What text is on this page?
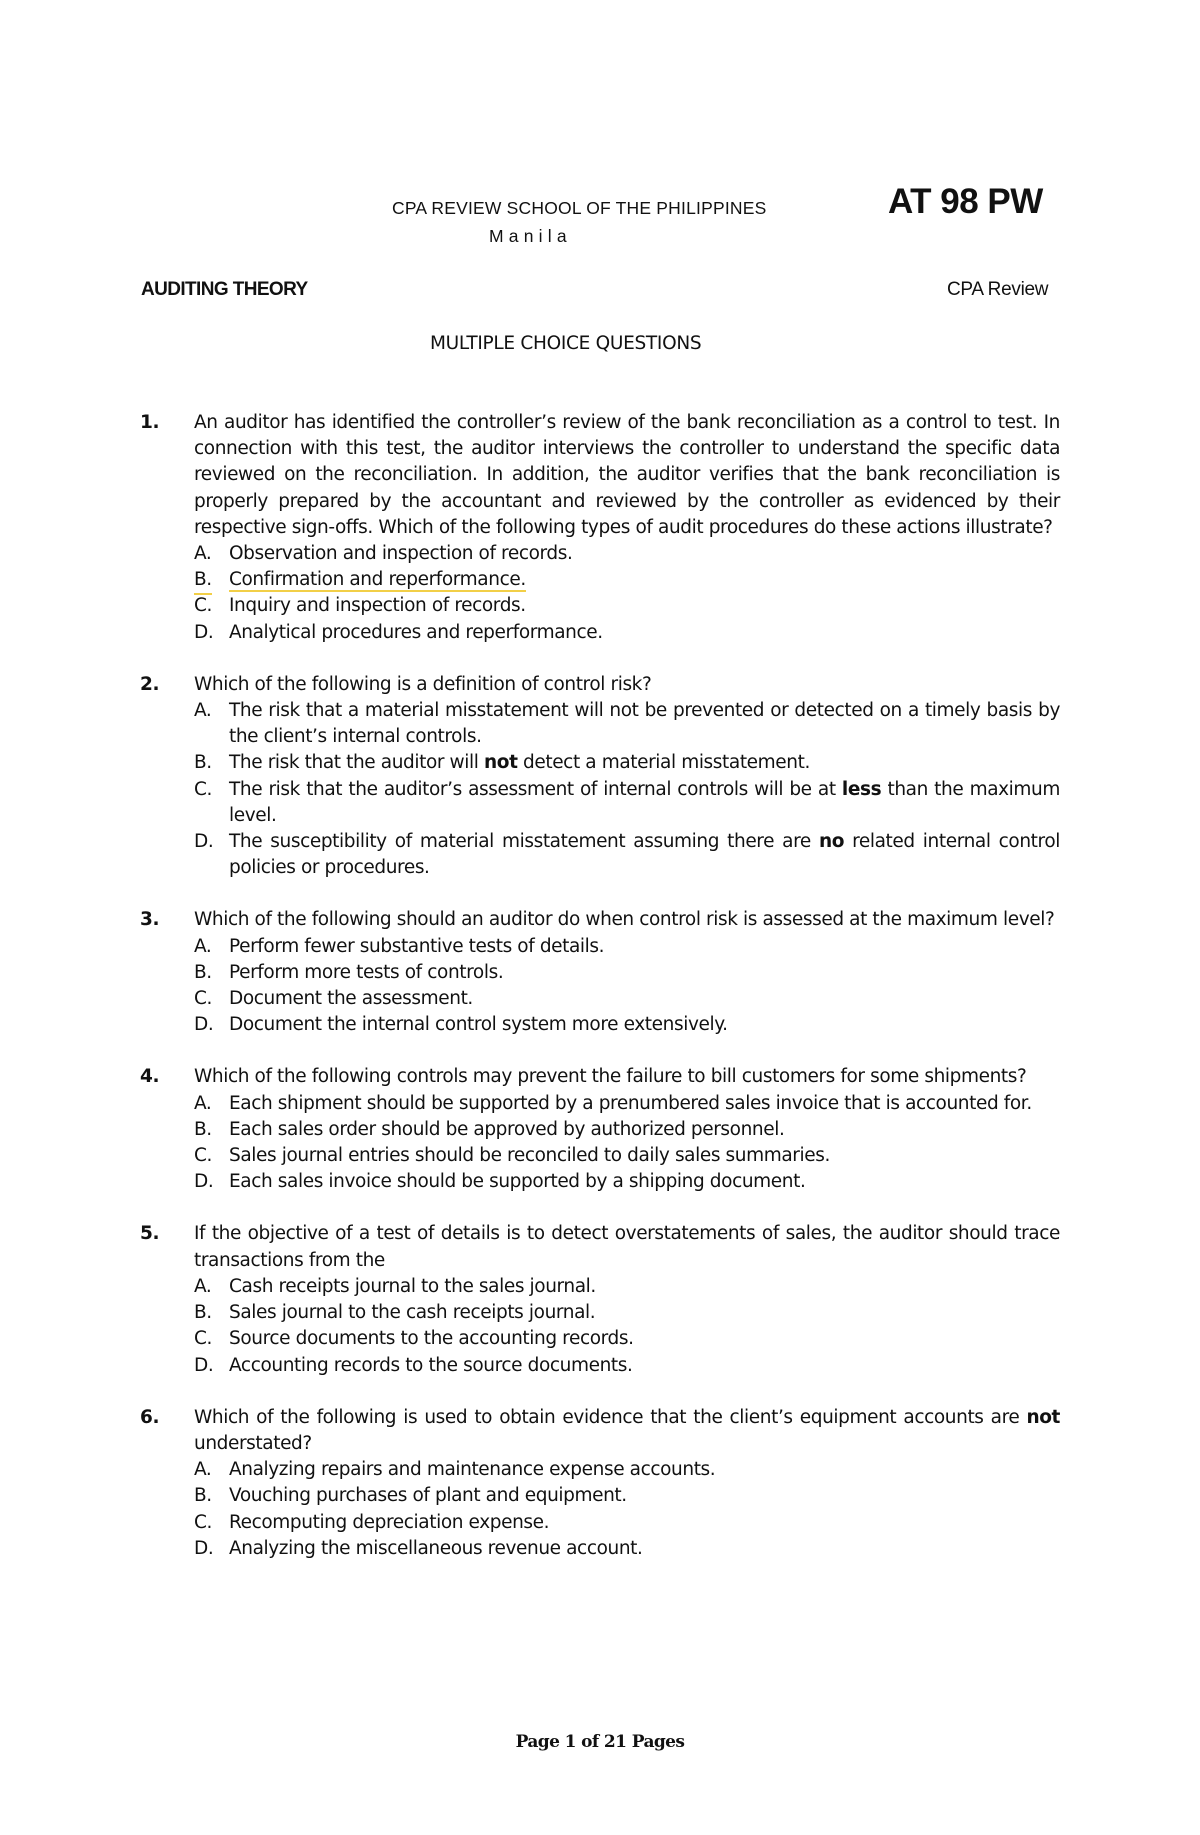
CPA REVIEW SCHOOL OF THE PHILIPPINES
Manila
AT 98 PW
AUDITING THEORY	CPA Review
MULTIPLE CHOICE QUESTIONS
1. An auditor has identified the controller’s review of the bank reconciliation as a control to test. In connection with this test, the auditor interviews the controller to understand the specific data reviewed on the reconciliation. In addition, the auditor verifies that the bank reconciliation is properly prepared by the accountant and reviewed by the controller as evidenced by their respective sign-offs. Which of the following types of audit procedures do these actions illustrate?
A. Observation and inspection of records.
B. Confirmation and reperformance.
C. Inquiry and inspection of records.
D. Analytical procedures and reperformance.
2. Which of the following is a definition of control risk?
A. The risk that a material misstatement will not be prevented or detected on a timely basis by the client’s internal controls.
B. The risk that the auditor will not detect a material misstatement.
C. The risk that the auditor’s assessment of internal controls will be at less than the maximum level.
D. The susceptibility of material misstatement assuming there are no related internal control policies or procedures.
3. Which of the following should an auditor do when control risk is assessed at the maximum level?
A. Perform fewer substantive tests of details.
B. Perform more tests of controls.
C. Document the assessment.
D. Document the internal control system more extensively.
4. Which of the following controls may prevent the failure to bill customers for some shipments?
A. Each shipment should be supported by a prenumbered sales invoice that is accounted for.
B. Each sales order should be approved by authorized personnel.
C. Sales journal entries should be reconciled to daily sales summaries.
D. Each sales invoice should be supported by a shipping document.
5. If the objective of a test of details is to detect overstatements of sales, the auditor should trace transactions from the
A. Cash receipts journal to the sales journal.
B. Sales journal to the cash receipts journal.
C. Source documents to the accounting records.
D. Accounting records to the source documents.
6. Which of the following is used to obtain evidence that the client’s equipment accounts are not understated?
A. Analyzing repairs and maintenance expense accounts.
B. Vouching purchases of plant and equipment.
C. Recomputing depreciation expense.
D. Analyzing the miscellaneous revenue account.
Page 1 of 21 Pages
